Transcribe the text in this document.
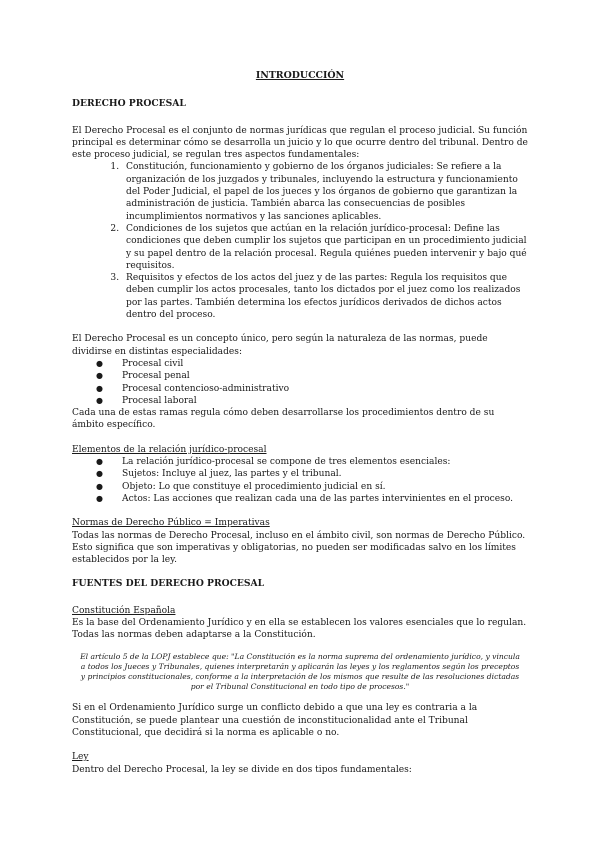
INTRODUCCIÓN
DERECHO PROCESAL

El Derecho Procesal es el conjunto de normas jurídicas que regulan el proceso judicial. Su función principal es determinar cómo se desarrolla un juicio y lo que ocurre dentro del tribunal. Dentro de este proceso judicial, se regulan tres aspectos fundamentales:

1. Constitución, funcionamiento y gobierno de los órganos judiciales: Se refiere a la organización de los juzgados y tribunales, incluyendo la estructura y funcionamiento del Poder Judicial, el papel de los jueces y los órganos de gobierno que garantizan la administración de justicia. También abarca las consecuencias de posibles incumplimientos normativos y las sanciones aplicables.
2. Condiciones de los sujetos que actúan en la relación jurídico-procesal: Define las condiciones que deben cumplir los sujetos que participan en un procedimiento judicial y su papel dentro de la relación procesal. Regula quiénes pueden intervenir y bajo qué requisitos.
3. Requisitos y efectos de los actos del juez y de las partes: Regula los requisitos que deben cumplir los actos procesales, tanto los dictados por el juez como los realizados por las partes. También determina los efectos jurídicos derivados de dichos actos dentro del proceso.

El Derecho Procesal es un concepto único, pero según la naturaleza de las normas, puede dividirse en distintas especialidades:

● Procesal civil
● Procesal penal
● Procesal contencioso-administrativo
● Procesal laboral

Cada una de estas ramas regula cómo deben desarrollarse los procedimientos dentro de su ámbito específico.

Elementos de la relación jurídico-procesal

● La relación jurídico-procesal se compone de tres elementos esenciales:
● Sujetos: Incluye al juez, las partes y el tribunal.
● Objeto: Lo que constituye el procedimiento judicial en sí.
● Actos: Las acciones que realizan cada una de las partes intervinientes en el proceso.

Normas de Derecho Público = Imperativas

Todas las normas de Derecho Procesal, incluso en el ámbito civil, son normas de Derecho Público. Esto significa que son imperativas y obligatorias, no pueden ser modificadas salvo en los límites establecidos por la ley.

FUENTES DEL DERECHO PROCESAL

Constitución Española

Es la base del Ordenamiento Jurídico y en ella se establecen los valores esenciales que lo regulan. Todas las normas deben adaptarse a la Constitución.

El artículo 5 de la LOPJ establece que: "La Constitución es la norma suprema del ordenamiento jurídico, y vincula a todos los Jueces y Tribunales, quienes interpretarán y aplicarán las leyes y los reglamentos según los preceptos y principios constitucionales, conforme a la interpretación de los mismos que resulte de las resoluciones dictadas por el Tribunal Constitucional en todo tipo de procesos."

Si en el Ordenamiento Jurídico surge un conflicto debido a que una ley es contraria a la Constitución, se puede plantear una cuestión de inconstitucionalidad ante el Tribunal Constitucional, que decidirá si la norma es aplicable o no.

Ley

Dentro del Derecho Procesal, la ley se divide en dos tipos fundamentales:
